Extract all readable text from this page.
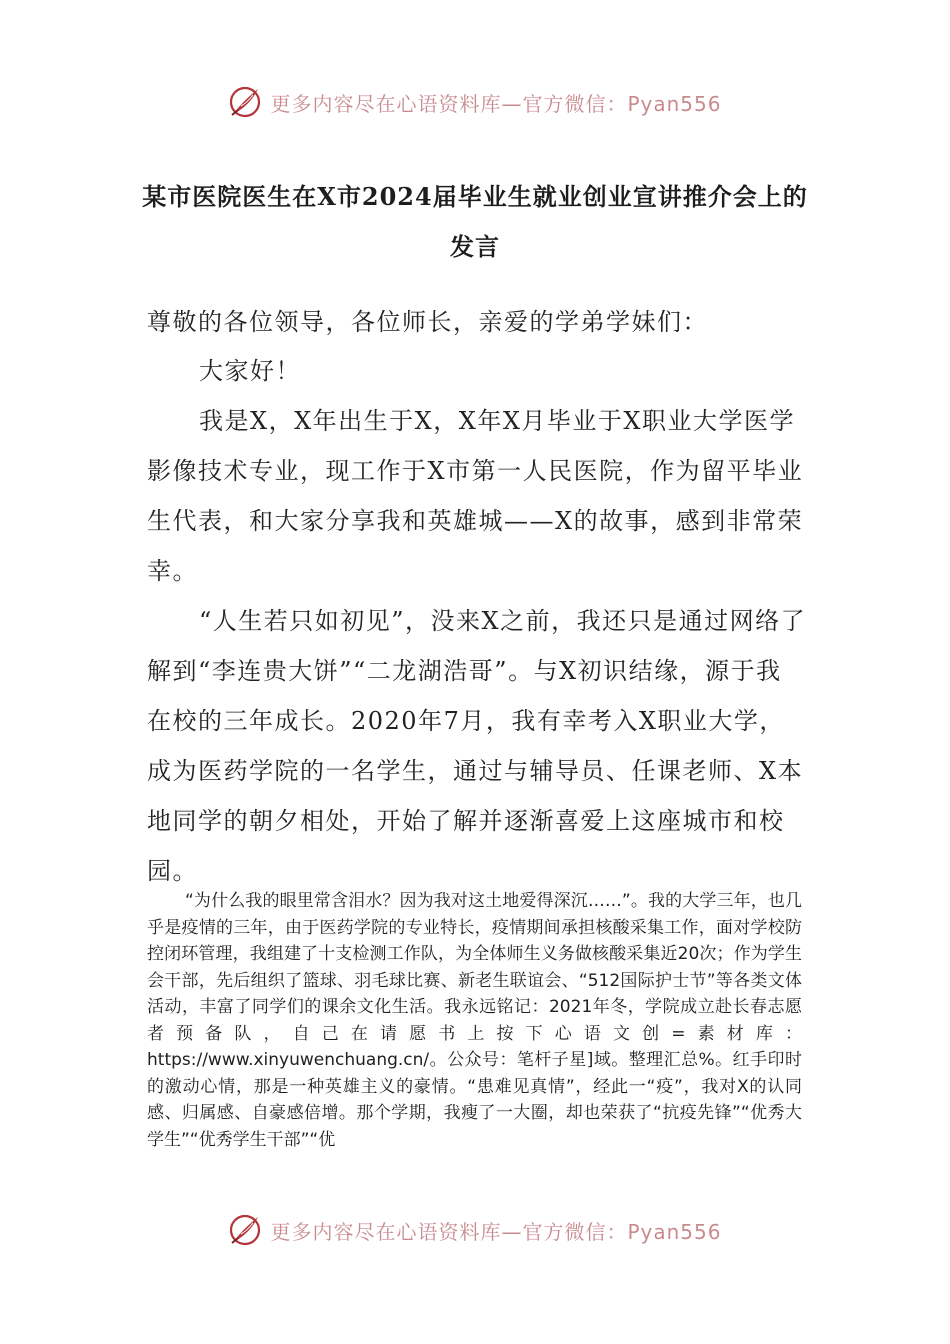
更多内容尽在心语资料库—官方微信：Pyan556
某市医院医生在X市2024届毕业生就业创业宣讲推介会上的发言

尊敬的各位领导，各位师长，亲爱的学弟学妹们：

大家好！

我是X，X年出生于X，X年X月毕业于X职业大学医学影像技术专业，现工作于X市第一人民医院，作为留平毕业生代表，和大家分享我和英雄城——X的故事，感到非常荣幸。

“人生若只如初见”，没来X之前，我还只是通过网络了解到“李连贵大饼”“二龙湖浩哥”。与X初识结缘，源于我在校的三年成长。2020年7月，我有幸考入X职业大学，成为医药学院的一名学生，通过与辅导员、任课老师、X本地同学的朝夕相处，开始了解并逐渐喜爱上这座城市和校园。

“为什么我的眼里常含泪水？因为我对这土地爱得深沉……”。我的大学三年，也几乎是疫情的三年，由于医药学院的专业特长，疫情期间承担核酸采集工作，面对学校防控闭环管理，我组建了十支检测工作队，为全体师生义务做核酸采集近20次；作为学生会干部，先后组织了篮球、羽毛球比赛、新老生联谊会、“512国际护士节”等各类文体活动，丰富了同学们的课余文化生活。我永远铭记：2021年冬，学院成立赴长春志愿者预备队，自己在请愿书上按下心语文创=素材库：https://www.xinyuwenchuang.cn/。公众号：笔杆子星]域。整理汇总%。红手印时的激动心情，那是一种英雄主义的豪情。“患难见真情”，经此一“疫”，我对X的认同感、归属感、自豪感倍增。那个学期，我瘦了一大圈，却也荣获了“抗疫先锋”“优秀大学生”“优秀学生干部”“优

更多内容尽在心语资料库—官方微信：Pyan556
